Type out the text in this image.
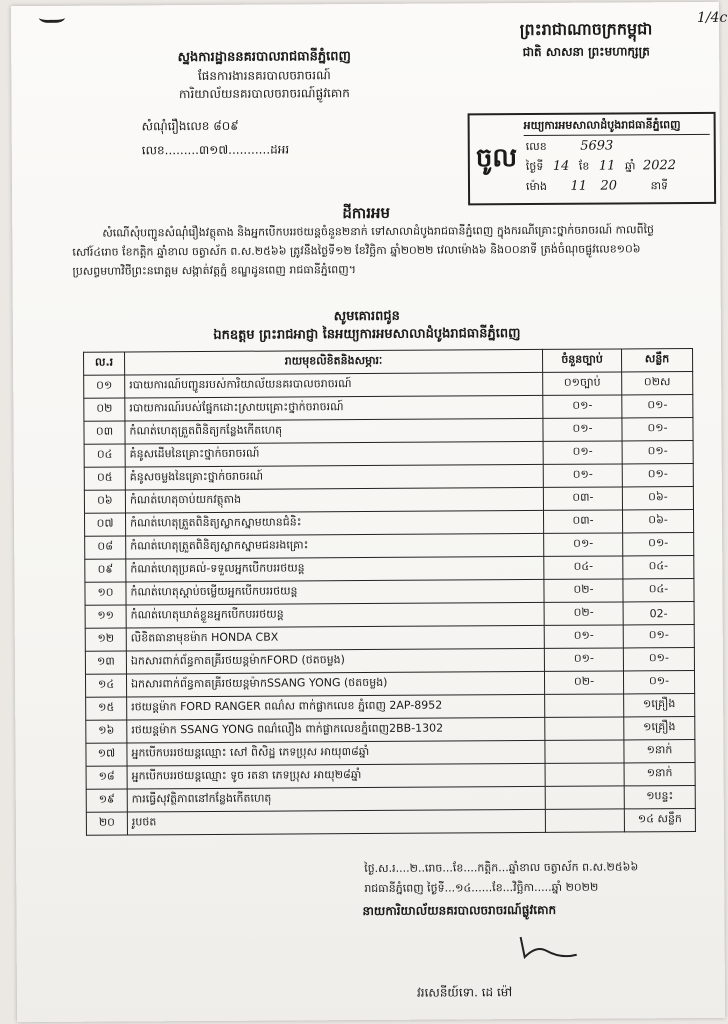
1/4c
ស្នងការដ្ឋាននគរបាលរាជធានីភ្នំពេញ
ផែនការងារនគរបាលចរាចរណ៍
ការិយាល័យនគរបាលចរាចរណ៍ផ្លូវគោក
សំណុំរឿងលេខ ៨០៩
លេខ.........៣១៧...........ដអរ
ព្រះរាជាណាចក្រកម្ពុជា
ជាតិ សាសនា ព្រះមហាក្សត្រ
អយ្យការអមសាលាដំបូងរាជធានីភ្នំពេញ
ចូល លេខ	5693
ថ្ងៃទី 14 ខែ 11 ឆ្នាំ 2022
ម៉ោង 11 20	នាទី
ដីការអម
សំណើសុំបញ្ជូនសំណុំរឿងវត្ថុតាង និងអ្នកបើកបររថយន្តចំនួន២នាក់ ទៅសាលាដំបូងរាជធានីភ្នំពេញ ក្នុងករណីគ្រោះថ្នាក់ចរាចរណ៍ កាលពីថ្ងៃសៅរ៍៤រោច ខែកត្តិក ឆ្នាំខាល ចត្វាស័ក ព.ស.២៥៦៦ ត្រូវនឹងថ្ងៃទី១២ ខែវិច្ឆិកា ឆ្នាំ២០២២ វេលាម៉ោង៦ និង០០នាទី ត្រង់ចំណុចផ្លូវលេខ១០៦ ប្រសព្វមហាវិថីព្រះនរោត្តម សង្កាត់វត្តភ្នំ ខណ្ឌដូនពេញ រាជធានីភ្នំពេញ។
សូមគោរពជូន
ឯកឧត្តម ព្រះរាជអាជ្ញា នៃអយ្យការអមសាលាដំបូងរាជធានីភ្នំពេញ
ល.រ	រាយមុខលិខិតនិងសម្ភារៈ	ចំនួនច្បាប់	សន្លឹក
០១	របាយការណ៍បញ្ជូនរបស់ការិយាល័យនគរបាលចរាចរណ៍	០១ច្បាប់	០២ស
០២	របាយការណ៍របស់ផ្នែកដោះស្រាយគ្រោះថ្នាក់ចរាចរណ៍	០១-	០១-
០៣	កំណត់ហេតុត្រួតពិនិត្យកន្លែងកើតហេតុ	០១-	០១-
០៤	គំនូសដើមនៃគ្រោះថ្នាក់ចរាចរណ៍	០១-	០១-
០៥	គំនូសចម្លងនៃគ្រោះថ្នាក់ចរាចរណ៍	០១-	០១-
០៦	កំណត់ហេតុចាប់យកវត្ថុតាង	០៣-	០៦-
០៧	កំណត់ហេតុត្រួតពិនិត្យស្លាកស្នាមយានជំនិះ	០៣-	០៦-
០៨	កំណត់ហេតុត្រួតពិនិត្យស្លាកស្នាមជនរងគ្រោះ	០១-	០១-
០៩	កំណត់ហេតុប្រគល់-ទទួលអ្នកបើកបររថយន្ត	០៤-	០៤-
១០	កំណត់ហេតុស្តាប់ចម្លើយអ្នកបើកបររថយន្ត	០២-	០៤-
១១	កំណត់ហេតុឃាត់ខ្លួនអ្នកបើកបររថយន្ត	០២-	02-
១២	លិខិតធានាមុខម៉ាក HONDA CBX	០១-	០១-
១៣	ឯកសារពាក់ព័ន្ធកាតគ្រីរថយន្តម៉ាកFORD (ថតចម្លង)	០១-	០១-
១៤	ឯកសារពាក់ព័ន្ធកាតគ្រីរថយន្តម៉ាកSSANG YONG (ថតចម្លង)	០២-	០១-
១៥	រថយន្តម៉ាក FORD RANGER ពណ៌ស ពាក់ផ្លាកលេខ ភ្នំពេញ 2AP-8952		១គ្រឿង
១៦	រថយន្តម៉ាក SSANG YONG ពណ៌លឿង ពាក់ផ្លាកលេខភ្នំពេញ2BB-1302		១គ្រឿង
១៧	អ្នកបើកបររថយន្តឈ្មោះ សៅ ពិសិដ្ឋ ភេទប្រុស អាយុ៣៨ឆ្នាំ		១នាក់
១៨	អ្នកបើកបររថយន្តឈ្មោះ ទូច រតនា ភេទប្រុស អាយុ២៨ឆ្នាំ		១នាក់
១៩	ការធ្វើសុវត្ថិភាពនៅកន្លែងកើតហេតុ		១បន្ទះ
២០	រូបថត		១៤ សន្លឹក
ថ្ងៃ.ស.រ....២..រោច...ខែ....កត្តិក...ឆ្នាំខាល ចត្វាស័ក ព.ស.២៥៦៦
រាជធានីភ្នំពេញ ថ្ងៃទី...១៤......ខែ...វិច្ឆិកា.....ឆ្នាំ ២០២២
នាយការិយាល័យនគរបាលចរាចរណ៍ផ្លូវគោក
វរសេនីយ៍ទោ. ដេ ម៉ៅ
